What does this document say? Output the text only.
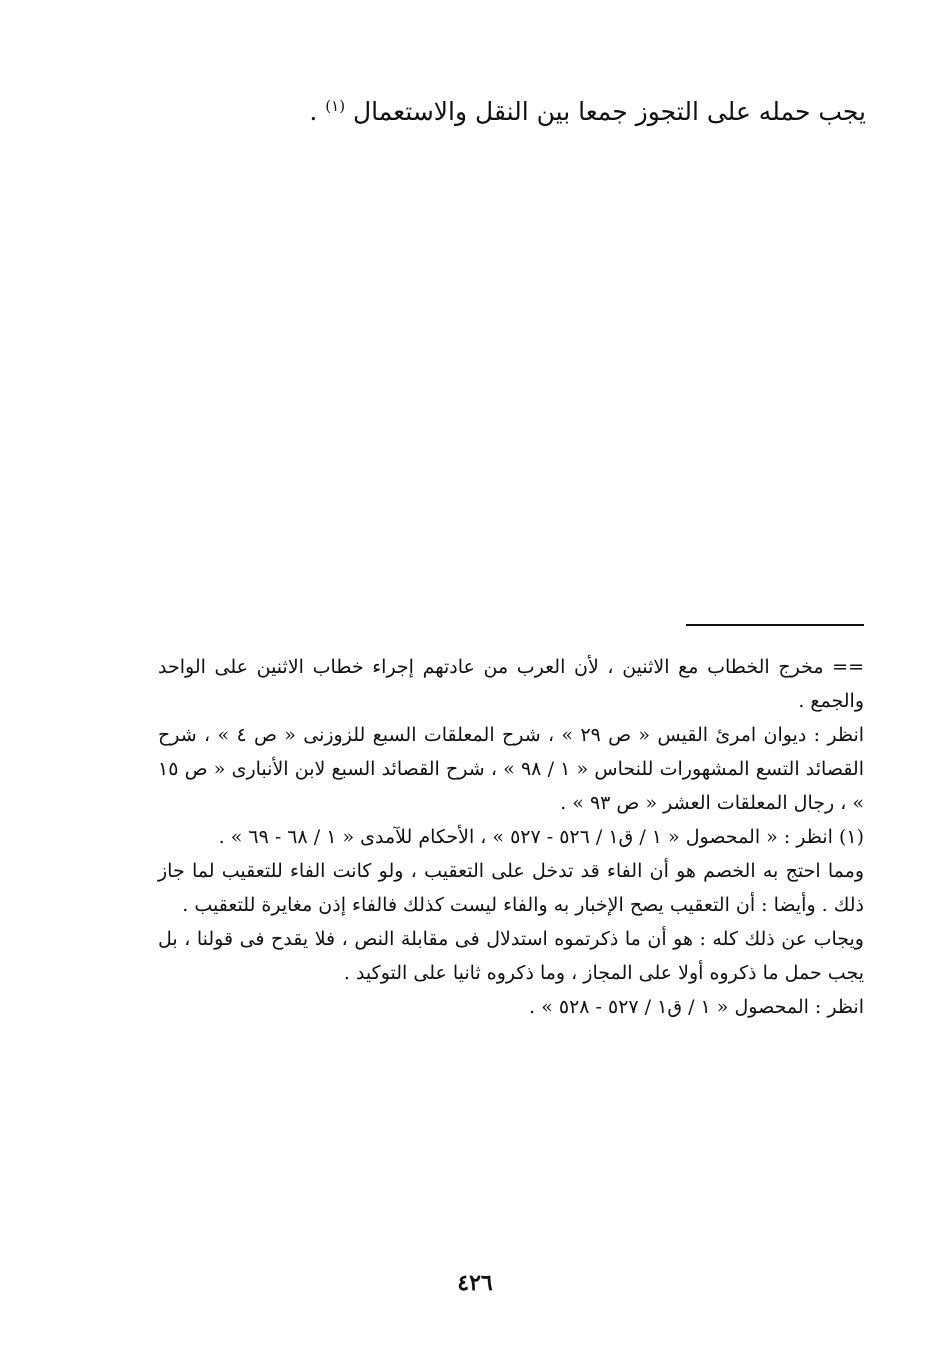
يجب حمله على التجوز جمعا بين النقل والاستعمال $^{(١)}$ .

== مخرج الخطاب مع الاثنين ، لأن العرب من عادتهم إجراء خطاب الاثنين على الواحد والجمع .

انظر : ديوان امرئ القيس « ص ٢٩ » ، شرح المعلقات السبع للزوزنى « ص ٤ » ، شرح القصائد التسع المشهورات للنحاس « ١ / ٩٨ » ، شرح القصائد السبع لابن الأنبارى « ص ١٥ » ، رجال المعلقات العشر « ص ٩٣ » .

(١) انظر : « المحصول « ١ / ق١ / ٥٢٦ - ٥٢٧ » ، الأحكام للآمدى « ١ / ٦٨ - ٦٩ » .

ومما احتج به الخصم هو أن الفاء قد تدخل على التعقيب ، ولو كانت الفاء للتعقيب لما جاز ذلك . وأيضا : أن التعقيب يصح الإخبار به والفاء ليست كذلك فالفاء إذن مغايرة للتعقيب .

ويجاب عن ذلك كله : هو أن ما ذكرتموه استدلال فى مقابلة النص ، فلا يقدح فى قولنا ، بل يجب حمل ما ذكروه أولا على المجاز ، وما ذكروه ثانيا على التوكيد .

انظر : المحصول « ١ / ق١ / ٥٢٧ - ٥٢٨ » .

٤٢٦
